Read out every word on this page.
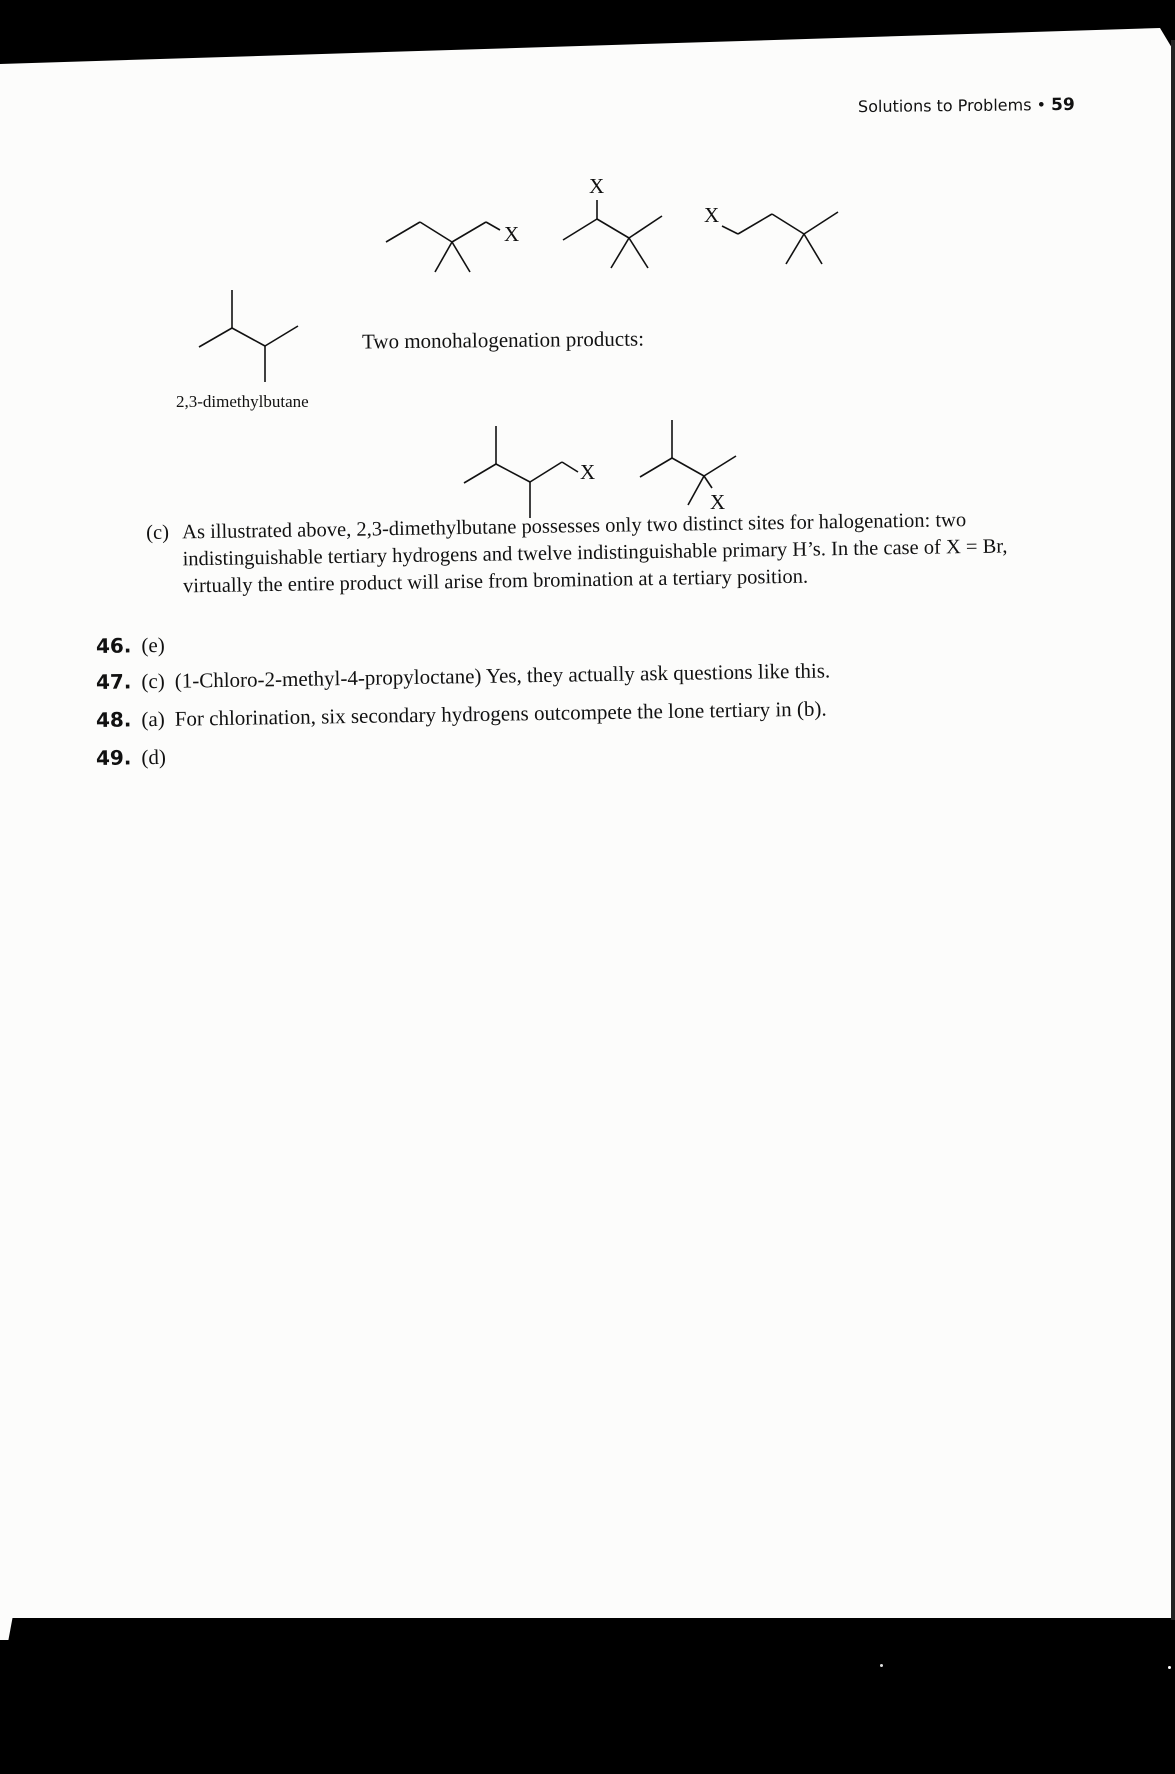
Solutions to Problems • 59
X
X
X
X
X
2,3-dimethylbutane
Two monohalogenation products:
(c) As illustrated above, 2,3-dimethylbutane possesses only two distinct sites for halogenation: two indistinguishable tertiary hydrogens and twelve indistinguishable primary H’s. In the case of X = Br, virtually the entire product will arise from bromination at a tertiary position.
46. (e)
47. (c) (1-Chloro-2-methyl-4-propyloctane) Yes, they actually ask questions like this.
48. (a) For chlorination, six secondary hydrogens outcompete the lone tertiary in (b).
49. (d)
